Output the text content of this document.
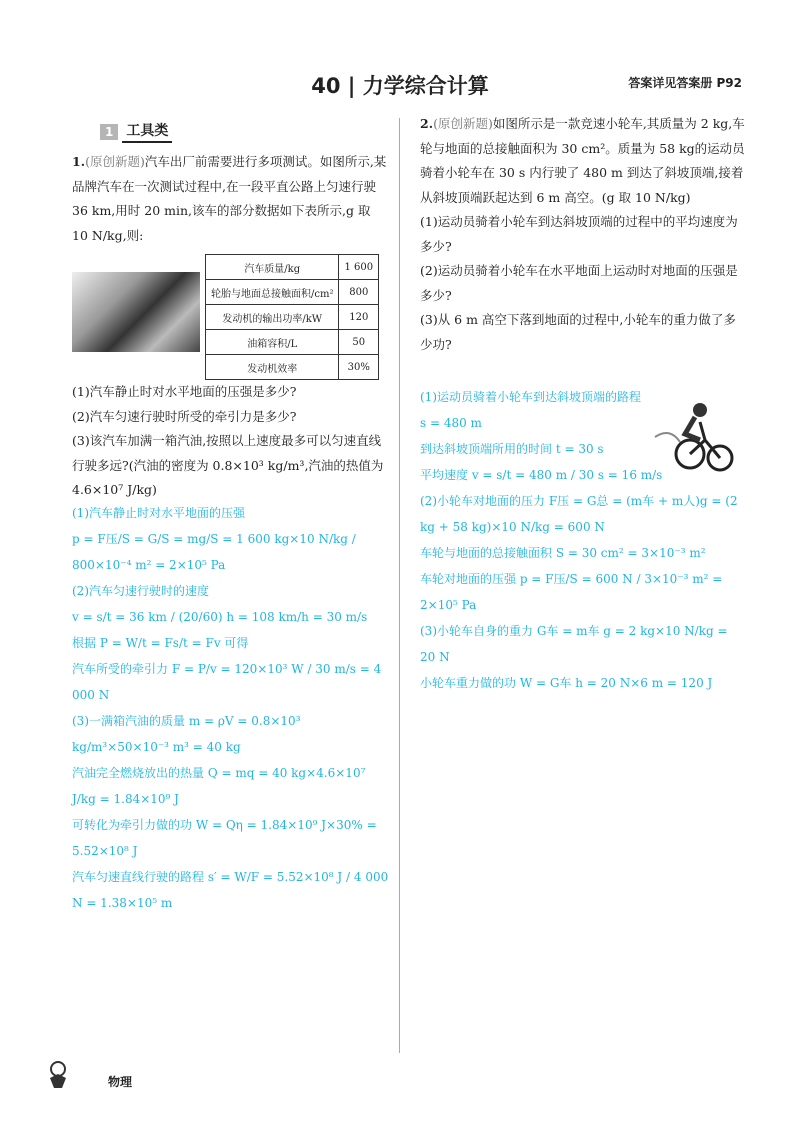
40 | 力学综合计算	答案详见答案册 P92
1 工具类

1.(原创新题)汽车出厂前需要进行多项测试。如图所示,某品牌汽车在一次测试过程中,在一段平直公路上匀速行驶 36 km,用时 20 min,该车的部分数据如下表所示,g 取 10 N/kg,则:

汽车质量/kg	1 600
轮胎与地面总接触面积/cm²	800
发动机的输出功率/kW	120
油箱容积/L	50
发动机效率	30%

(1)汽车静止时对水平地面的压强是多少?

(2)汽车匀速行驶时所受的牵引力是多少?

(3)该汽车加满一箱汽油,按照以上速度最多可以匀速直线行驶多远?(汽油的密度为 0.8×10³ kg/m³,汽油的热值为 4.6×10⁷ J/kg)

(1)汽车静止时对水平地面的压强

p = F压/S = G/S = mg/S = 1 600 kg×10 N/kg / 800×10⁻⁴ m² = 2×10⁵ Pa

(2)汽车匀速行驶时的速度

v = s/t = 36 km / (20/60) h = 108 km/h = 30 m/s

根据 P = W/t = Fs/t = Fv 可得

汽车所受的牵引力 F = P/v = 120×10³ W / 30 m/s = 4 000 N

(3)一满箱汽油的质量 m = ρV = 0.8×10³ kg/m³×50×10⁻³ m³ = 40 kg

汽油完全燃烧放出的热量 Q = mq = 40 kg×4.6×10⁷ J/kg = 1.84×10⁹ J

可转化为牵引力做的功 W = Qη = 1.84×10⁹ J×30% = 5.52×10⁸ J

汽车匀速直线行驶的路程 s′ = W/F = 5.52×10⁸ J / 4 000 N = 1.38×10⁵ m

2.(原创新题)如图所示是一款竞速小轮车,其质量为 2 kg,车轮与地面的总接触面积为 30 cm²。质量为 58 kg的运动员骑着小轮车在 30 s 内行驶了 480 m 到达了斜坡顶端,接着从斜坡顶端跃起达到 6 m 高空。(g 取 10 N/kg)

(1)运动员骑着小轮车到达斜坡顶端的过程中的平均速度为多少?

(2)运动员骑着小轮车在水平地面上运动时对地面的压强是多少?

(3)从 6 m 高空下落到地面的过程中,小轮车的重力做了多少功?

(1)运动员骑着小轮车到达斜坡顶端的路程 s = 480 m

到达斜坡顶端所用的时间 t = 30 s

平均速度 v = s/t = 480 m / 30 s = 16 m/s

(2)小轮车对地面的压力 F压 = G总 = (m车 + m人)g = (2 kg + 58 kg)×10 N/kg = 600 N

车轮与地面的总接触面积 S = 30 cm² = 3×10⁻³ m²

车轮对地面的压强 p = F压/S = 600 N / 3×10⁻³ m² = 2×10⁵ Pa

(3)小轮车自身的重力 G车 = m车 g = 2 kg×10 N/kg = 20 N

小轮车重力做的功 W = G车 h = 20 N×6 m = 120 J

物理
